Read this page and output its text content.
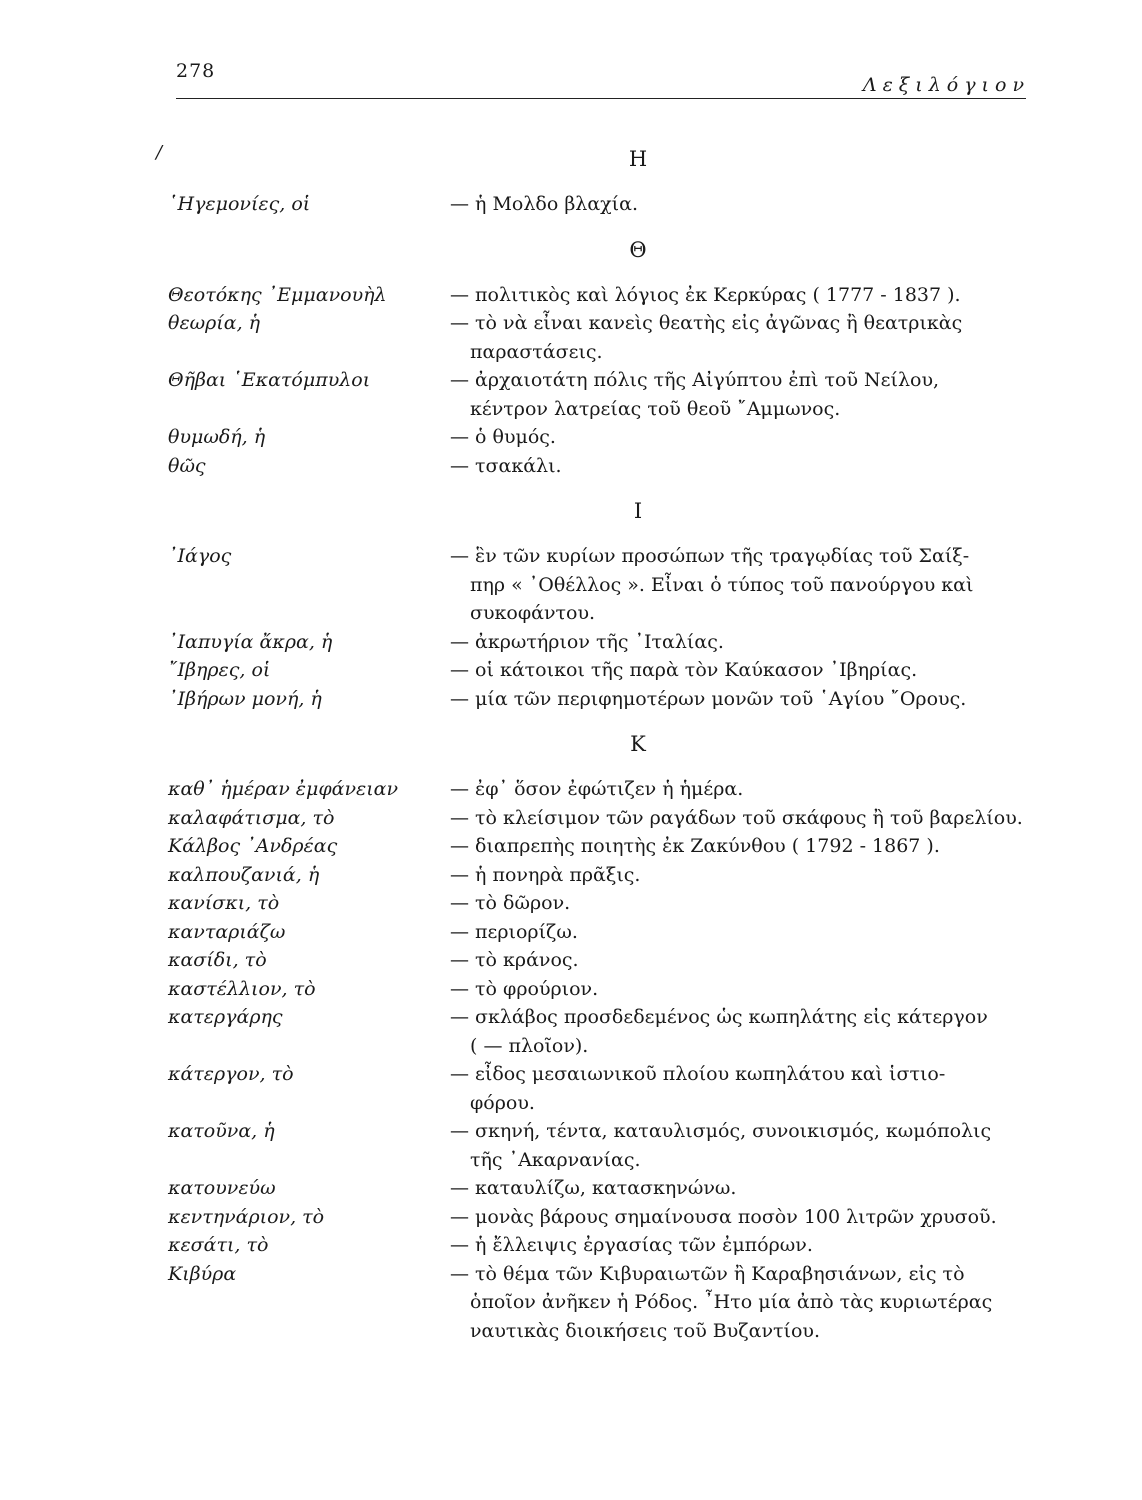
278
Λεξιλόγιον
/	Η
῾Ηγεμονίες, οἱ	— ἡ Μολδο βλαχία.
Θ
Θεοτόκης ᾿Εμμανουὴλ	— πολιτικὸς καὶ λόγιος ἐκ Κερκύρας ( 1777 - 1837 ).
θεωρία, ἡ	— τὸ νὰ εἶναι κανεὶς θεατὴς εἰς ἀγῶνας ἢ θεατρικὰς
παραστάσεις.
Θῆβαι ῾Εκατόμπυλοι	— ἀρχαιοτάτη πόλις τῆς Αἰγύπτου ἐπὶ τοῦ Νείλου,
κέντρον λατρείας τοῦ θεοῦ ῎Αμμωνος.
θυμωδή, ἡ	— ὁ θυμός.
θῶς	— τσακάλι.
Ι
᾿Ιάγος	— ἓν τῶν κυρίων προσώπων τῆς τραγῳδίας τοῦ Σαίξ-
πηρ « ᾿Οθέλλος ». Εἶναι ὁ τύπος τοῦ πανούργου καὶ
συκοφάντου.
᾿Ιαπυγία ἄκρα, ἡ	— ἀκρωτήριον τῆς ᾿Ιταλίας.
῎Ιβηρες, οἱ	— οἱ κάτοικοι τῆς παρὰ τὸν Καύκασον ᾿Ιβηρίας.
᾿Ιβήρων μονή, ἡ	— μία τῶν περιφημοτέρων μονῶν τοῦ ῾Αγίου ῎Ορους.
Κ
καθ᾿ ἡμέραν ἐμφάνειαν	— ἐφ᾿ ὅσον ἐφώτιζεν ἡ ἡμέρα.
καλαφάτισμα, τὸ	— τὸ κλείσιμον τῶν ραγάδων τοῦ σκάφους ἢ τοῦ βαρελίου.
Κάλβος ᾿Ανδρέας	— διαπρεπὴς ποιητὴς ἐκ Ζακύνθου ( 1792 - 1867 ).
καλπουζανιά, ἡ	— ἡ πονηρὰ πρᾶξις.
κανίσκι, τὸ	— τὸ δῶρον.
κανταριάζω	— περιορίζω.
κασίδι, τὸ	— τὸ κράνος.
καστέλλιον, τὸ	— τὸ φρούριον.
κατεργάρης	— σκλάβος προσδεδεμένος ὡς κωπηλάτης εἰς κάτεργον
( — πλοῖον).
κάτεργον, τὸ	— εἶδος μεσαιωνικοῦ πλοίου κωπηλάτου καὶ ἱστιο-
φόρου.
κατοῦνα, ἡ	— σκηνή, τέντα, καταυλισμός, συνοικισμός, κωμόπολις
τῆς ᾿Ακαρνανίας.
κατουνεύω	— καταυλίζω, κατασκηνώνω.
κεντηνάριον, τὸ	— μονὰς βάρους σημαίνουσα ποσὸν 100 λιτρῶν χρυσοῦ.
κεσάτι, τὸ	— ἡ ἔλλειψις ἐργασίας τῶν ἐμπόρων.
Κιβύρα	— τὸ θέμα τῶν Κιβυραιωτῶν ἢ Καραβησιάνων, εἰς τὸ
ὁποῖον ἀνῆκεν ἡ Ρόδος. ῏Ητο μία ἀπὸ τὰς κυριωτέρας
ναυτικὰς διοικήσεις τοῦ Βυζαντίου.
